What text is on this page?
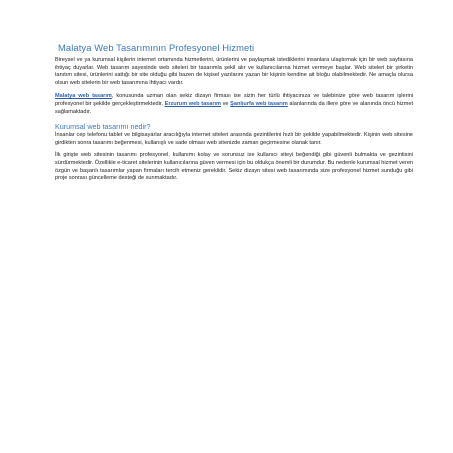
Malatya Web Tasarımının Profesyonel Hizmeti

Bireysel ve ya kurumsal kişilerin internet ortamında hizmetlerini, ürünlerini ve paylaşmak istediklerini insanlara ulaştırmak için bir web sayfasına ihtiyaç duyarlar. Web tasarım sayesinde web siteleri bir tasarımla şekil alır ve kullanıcılarına hizmet vermeye başlar. Web siteleri bir şirketin tanıtım sitesi, ürünlerini sattığı bir site olduğu gibi bazen de kişisel yazılarını yazan bir kişinin kendine ait bloğu olabilmektedir. Ne amaçla olursa olsun web sitelerin bir web tasarımına ihtiyacı vardır.

Malatya web tasarım, konusunda uzman olan sekiz dizayn firması ise sizin her türlü ihtiyacınıza ve talebinize göre web tasarım işlerini profesyonel bir şekilde gerçekleştirmektedir. Erzurum web tasarım ve Şanlıurfa web tasarım alanlarında da illere göre ve alanında öncü hizmet sağlamaktadır.

Kurumsal web tasarımı nedir?

İnsanlar cep telefonu tablet ve bilgisayarlar aracılığıyla internet siteleri arasında gezintilerini hızlı bir şekilde yapabilmektedir. Kişinin web sitesine girdikten sonra tasarımı beğenmesi, kullanışlı ve sade olması web sitenizde zaman geçirmesine olanak tanır.

İlk girişte web sitesinin tasarımı profesyonel, kullanımı kolay ve sorunsuz ise kullanıcı siteyi beğendiği gibi güvenli bulmakta ve gezintisini sürdürmektedir. Özellikle e-ticaret sitelerinin kullanıcılarına güven vermesi için bu oldukça önemli bir durumdur. Bu nedenle kurumsal hizmet veren özgün ve başarılı tasarımlar yapan firmaları tercih etmeniz gereklidir. Sekiz dizayn sitesi web tasarımında size profesyonel hizmet sunduğu gibi proje sonrası güncelleme desteği de sunmaktadır.
